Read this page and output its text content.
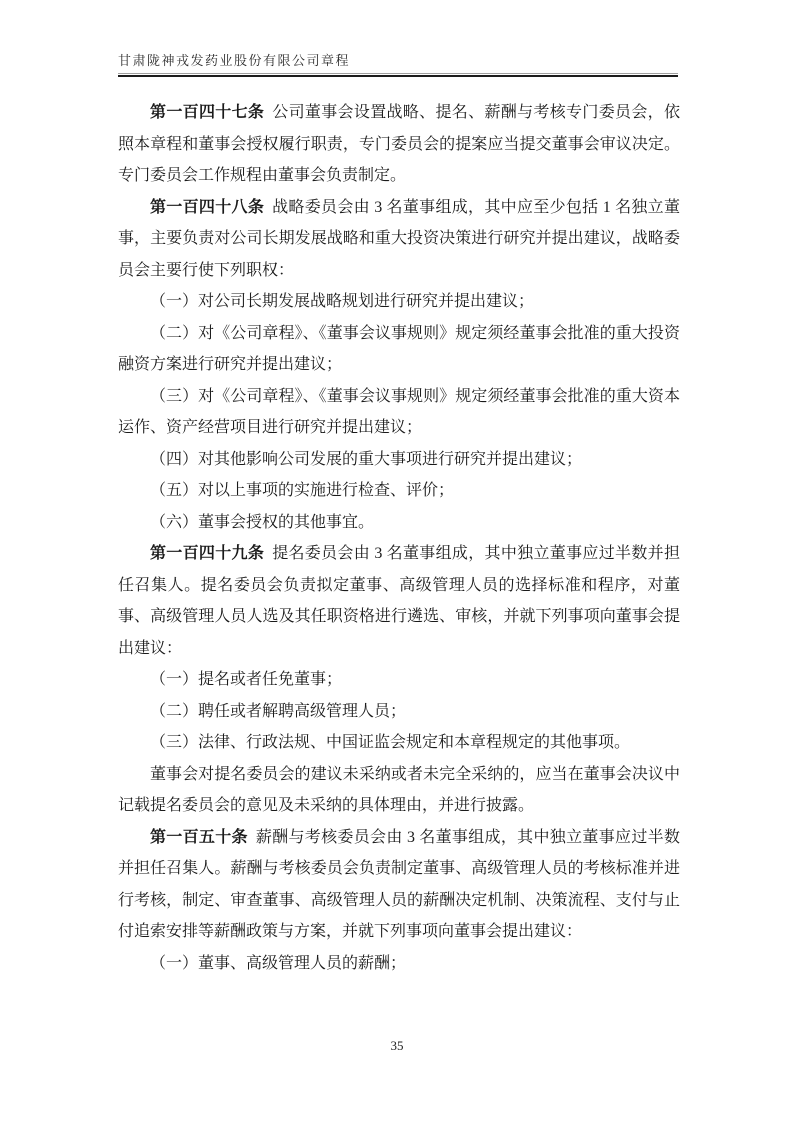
甘肃陇神戎发药业股份有限公司章程

第一百四十七条 公司董事会设置战略、提名、薪酬与考核专门委员会，依照本章程和董事会授权履行职责，专门委员会的提案应当提交董事会审议决定。专门委员会工作规程由董事会负责制定。

第一百四十八条 战略委员会由 3 名董事组成，其中应至少包括 1 名独立董事，主要负责对公司长期发展战略和重大投资决策进行研究并提出建议，战略委员会主要行使下列职权：

（一）对公司长期发展战略规划进行研究并提出建议；

（二）对《公司章程》、《董事会议事规则》规定须经董事会批准的重大投资融资方案进行研究并提出建议；

（三）对《公司章程》、《董事会议事规则》规定须经董事会批准的重大资本运作、资产经营项目进行研究并提出建议；

（四）对其他影响公司发展的重大事项进行研究并提出建议；

（五）对以上事项的实施进行检查、评价；

（六）董事会授权的其他事宜。

第一百四十九条 提名委员会由 3 名董事组成，其中独立董事应过半数并担任召集人。提名委员会负责拟定董事、高级管理人员的选择标准和程序，对董事、高级管理人员人选及其任职资格进行遴选、审核，并就下列事项向董事会提出建议：

（一）提名或者任免董事；

（二）聘任或者解聘高级管理人员；

（三）法律、行政法规、中国证监会规定和本章程规定的其他事项。

董事会对提名委员会的建议未采纳或者未完全采纳的，应当在董事会决议中记载提名委员会的意见及未采纳的具体理由，并进行披露。

第一百五十条 薪酬与考核委员会由 3 名董事组成，其中独立董事应过半数并担任召集人。薪酬与考核委员会负责制定董事、高级管理人员的考核标准并进行考核，制定、审查董事、高级管理人员的薪酬决定机制、决策流程、支付与止付追索安排等薪酬政策与方案，并就下列事项向董事会提出建议：

（一）董事、高级管理人员的薪酬；

35
